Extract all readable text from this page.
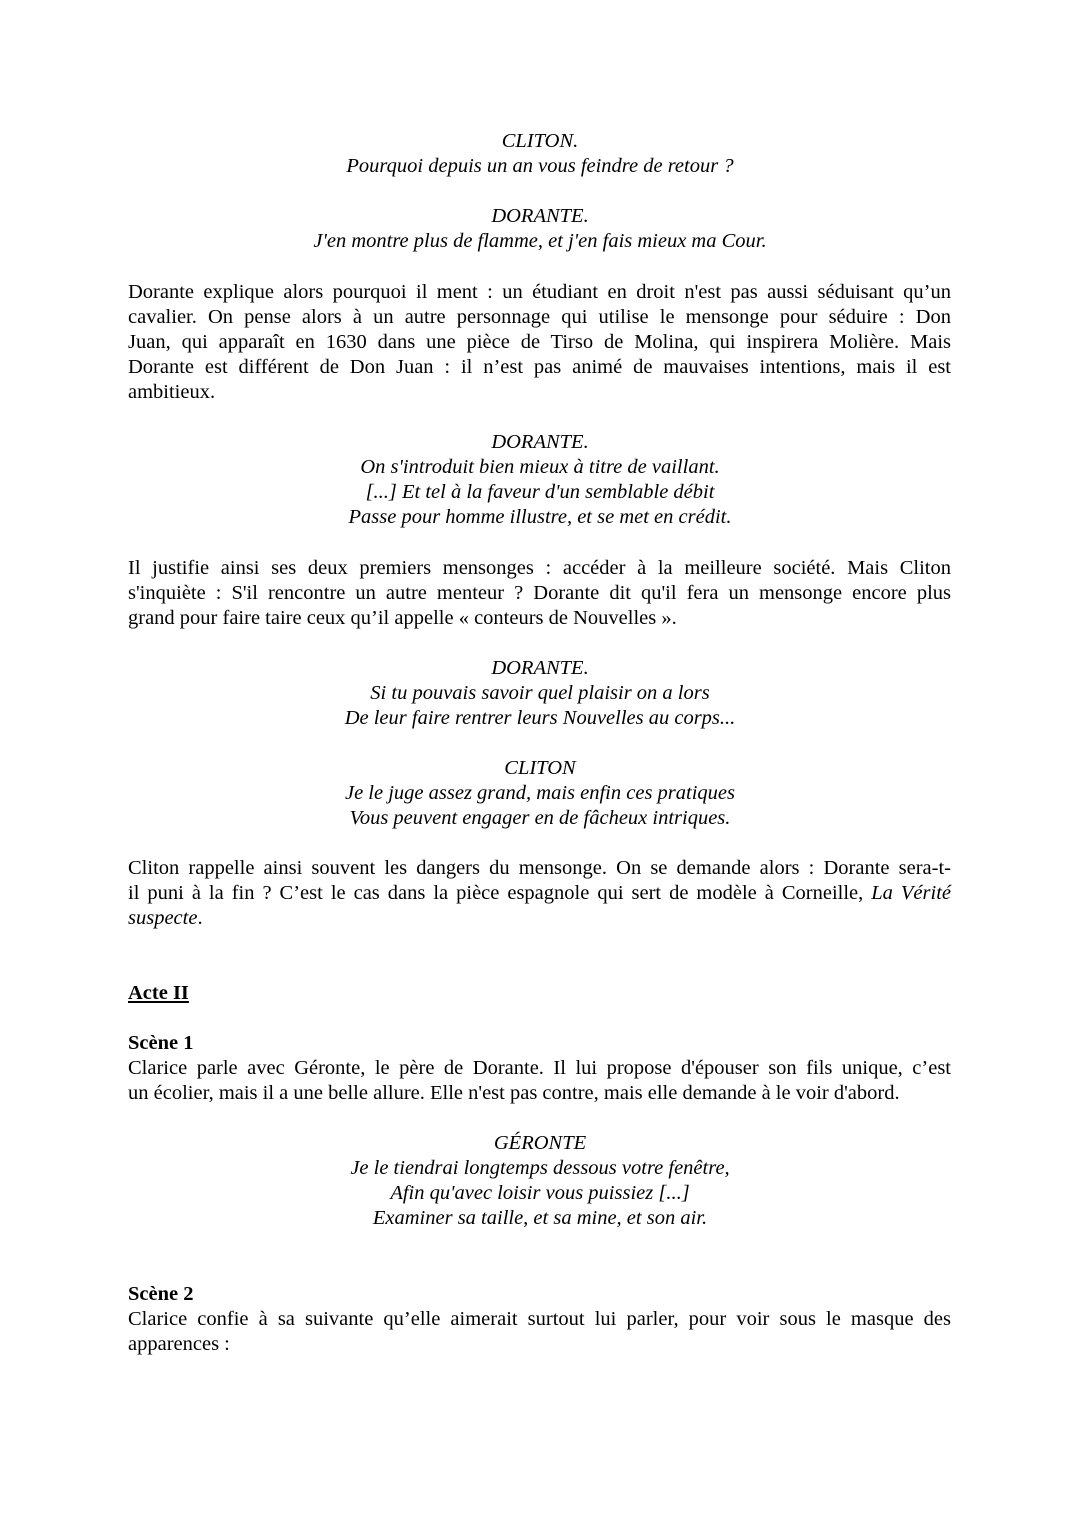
CLITON.
Pourquoi depuis un an vous feindre de retour ?
DORANTE.
J'en montre plus de flamme, et j'en fais mieux ma Cour.
Dorante explique alors pourquoi il ment : un étudiant en droit n'est pas aussi séduisant qu’un
cavalier. On pense alors à un autre personnage qui utilise le mensonge pour séduire : Don
Juan, qui apparaît en 1630 dans une pièce de Tirso de Molina, qui inspirera Molière. Mais
Dorante est différent de Don Juan : il n’est pas animé de mauvaises intentions, mais il est
ambitieux.
DORANTE.
On s'introduit bien mieux à titre de vaillant.
[...] Et tel à la faveur d'un semblable débit
Passe pour homme illustre, et se met en crédit.
Il justifie ainsi ses deux premiers mensonges : accéder à la meilleure société. Mais Cliton
s'inquiète : S'il rencontre un autre menteur ? Dorante dit qu'il fera un mensonge encore plus
grand pour faire taire ceux qu’il appelle « conteurs de Nouvelles ».
DORANTE.
Si tu pouvais savoir quel plaisir on a lors
De leur faire rentrer leurs Nouvelles au corps...
CLITON
Je le juge assez grand, mais enfin ces pratiques
Vous peuvent engager en de fâcheux intriques.
Cliton rappelle ainsi souvent les dangers du mensonge. On se demande alors : Dorante sera-t-
il puni à la fin ? C’est le cas dans la pièce espagnole qui sert de modèle à Corneille, La Vérité
suspecte.
Acte II
Scène 1
Clarice parle avec Géronte, le père de Dorante. Il lui propose d'épouser son fils unique, c’est
un écolier, mais il a une belle allure. Elle n'est pas contre, mais elle demande à le voir d'abord.
GÉRONTE
Je le tiendrai longtemps dessous votre fenêtre,
Afin qu'avec loisir vous puissiez [...]
Examiner sa taille, et sa mine, et son air.
Scène 2
Clarice confie à sa suivante qu’elle aimerait surtout lui parler, pour voir sous le masque des
apparences :
